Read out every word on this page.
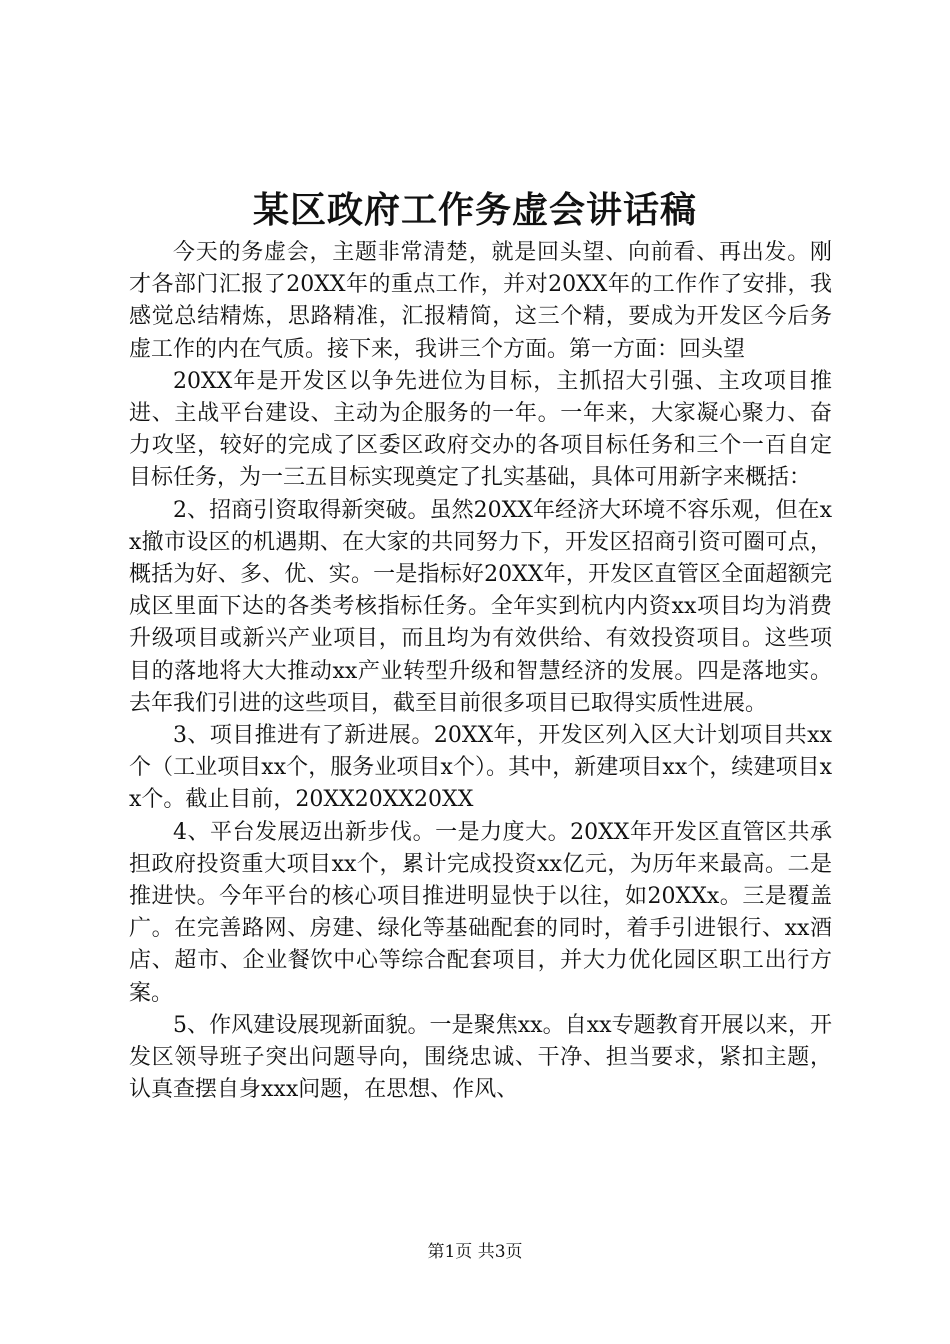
某区政府工作务虚会讲话稿

今天的务虚会，主题非常清楚，就是回头望、向前看、再出发。刚才各部门汇报了20XX年的重点工作，并对20XX年的工作作了安排，我感觉总结精炼，思路精准，汇报精简，这三个精，要成为开发区今后务虚工作的内在气质。接下来，我讲三个方面。第一方面：回头望

20XX年是开发区以争先进位为目标，主抓招大引强、主攻项目推进、主战平台建设、主动为企服务的一年。一年来，大家凝心聚力、奋力攻坚，较好的完成了区委区政府交办的各项目标任务和三个一百自定目标任务，为一三五目标实现奠定了扎实基础，具体可用新字来概括：

2、招商引资取得新突破。虽然20XX年经济大环境不容乐观，但在xx撤市设区的机遇期、在大家的共同努力下，开发区招商引资可圈可点，概括为好、多、优、实。一是指标好20XX年，开发区直管区全面超额完成区里面下达的各类考核指标任务。全年实到杭内内资xx项目均为消费升级项目或新兴产业项目，而且均为有效供给、有效投资项目。这些项目的落地将大大推动xx产业转型升级和智慧经济的发展。四是落地实。去年我们引进的这些项目，截至目前很多项目已取得实质性进展。

3、项目推进有了新进展。20XX年，开发区列入区大计划项目共xx个（工业项目xx个，服务业项目x个）。其中，新建项目xx个，续建项目xx个。截止目前，20XX20XX20XX

4、平台发展迈出新步伐。一是力度大。20XX年开发区直管区共承担政府投资重大项目xx个，累计完成投资xx亿元，为历年来最高。二是推进快。今年平台的核心项目推进明显快于以往，如20XXx。三是覆盖广。在完善路网、房建、绿化等基础配套的同时，着手引进银行、xx酒店、超市、企业餐饮中心等综合配套项目，并大力优化园区职工出行方案。

5、作风建设展现新面貌。一是聚焦xx。自xx专题教育开展以来，开发区领导班子突出问题导向，围绕忠诚、干净、担当要求，紧扣主题，认真查摆自身xxx问题，在思想、作风、

第1页 共3页
